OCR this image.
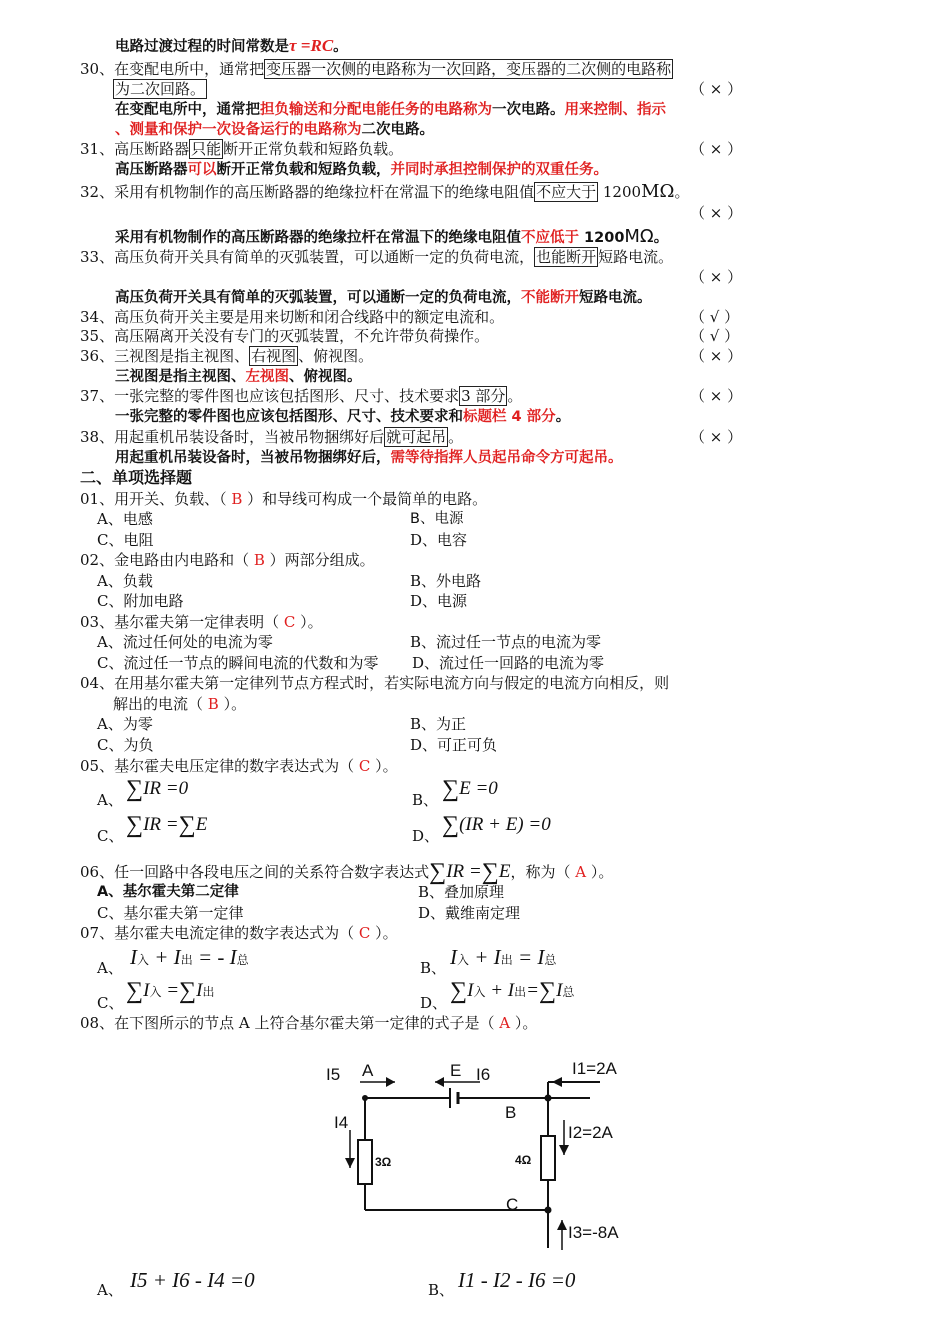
电路过渡过程的时间常数是τ =RC。
30、在变配电所中，通常把 变压器一次侧的电路称为一次回路，变压器的二次侧的电路称
为二次回路。	（ × ）
在变配电所中，通常把担负输送和分配电能任务的电路称为一次电路。用来控制、指示
、测量和保护一次设备运行的电路称为二次电路。
31、高压断路器 只能 断开正常负载和短路负载。	（ × ）
高压断路器可以断开正常负载和短路负载，并同时承担控制保护的双重任务。
32、采用有机物制作的高压断路器的绝缘拉杆在常温下的绝缘电阻值 不应大于 1200MΩ。
（ × ）
采用有机物制作的高压断路器的绝缘拉杆在常温下的绝缘电阻值不应低于 1200MΩ。
33、高压负荷开关具有简单的灭弧装置，可以通断一定的负荷电流， 也能断开 短路电流。
（ × ）
高压负荷开关具有简单的灭弧装置，可以通断一定的负荷电流，不能断开短路电流。
34、高压负荷开关主要是用来切断和闭合线路中的额定电流和。	（ √ ）
35、高压隔离开关没有专门的灭弧装置，不允许带负荷操作。	（ √ ）
36、三视图是指主视图、 右视图 、俯视图。	（ × ）
三视图是指主视图、左视图、俯视图。
37、一张完整的零件图也应该包括图形、尺寸、技术要求 3 部分 。	（ × ）
一张完整的零件图也应该包括图形、尺寸、技术要求和标题栏 4 部分。
38、用起重机吊装设备时，当被吊物捆绑好后 就可起吊 。	（ × ）
用起重机吊装设备时，当被吊物捆绑好后，需等待指挥人员起吊命令方可起吊。
二、单项选择题
01、用开关、负载、（ B ）和导线可构成一个最简单的电路。
A、电感	B、电源
C、电阻	D、电容
02、金电路由内电路和（ B ）两部分组成。
A、负载	B、外电路
C、附加电路	D、电源
03、基尔霍夫第一定律表明（ C ）。
A、流过任何处的电流为零	B、流过任一节点的电流为零
C、流过任一节点的瞬间电流的代数和为零 D、流过任一回路的电流为零
04、在用基尔霍夫第一定律列节点方程式时，若实际电流方向与假定的电流方向相反，则
解出的电流（ B ）。
A、为零	B、为正
C、为负	D、可正可负
05、基尔霍夫电压定律的数字表达式为（ C ）。
A、 ∑IR =0
B、 ∑E =0
C、 ∑IR =∑E
D、 ∑(IR + E) =0
06、任一回路中各段电压之间的关系符合数字表达式∑IR =∑E，称为（ A ）。
A、基尔霍夫第二定律	B、叠加原理
C、基尔霍夫第一定律	D、戴维南定理
07、基尔霍夫电流定律的数字表达式为（ C ）。
A、 I入 + I出 = - I总	B、 I入 + I出 = I总
C、 ∑I入 =∑I出
D、 ∑I入 + I出=∑I总
08、在下图所示的节点 A 上符合基尔霍夫第一定律的式子是（ A ）。
I5 A	E I6	I1=2A
B
I4
I2=2A
C
I3=-8A
3Ω	4Ω
A、 I5 + I6 - I4 =0	B、 I1 - I2 - I6 =0
